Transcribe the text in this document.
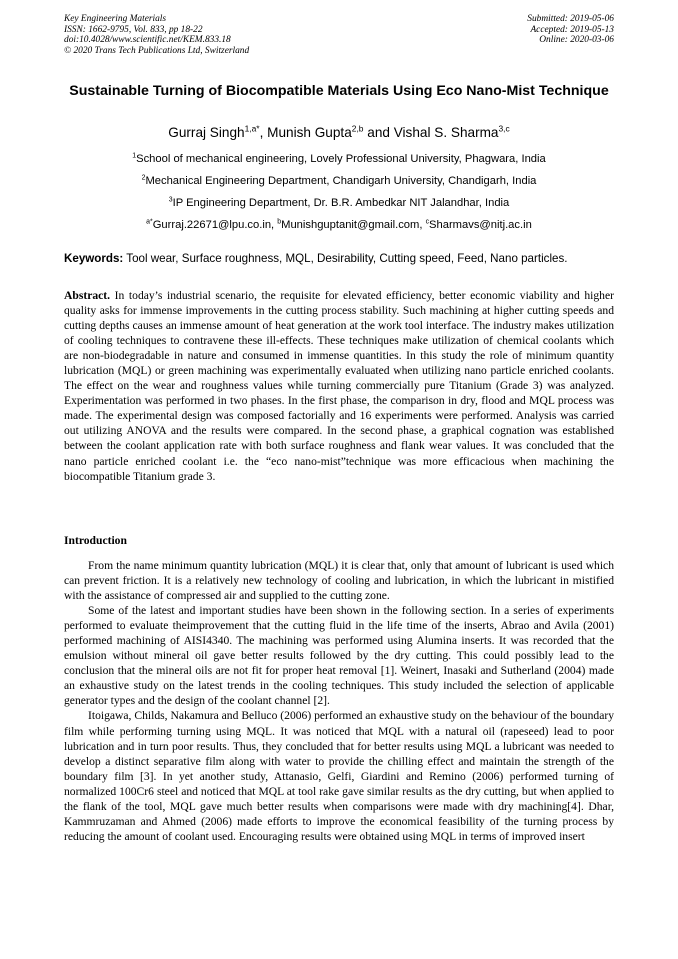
Key Engineering Materials
ISSN: 1662-9795, Vol. 833, pp 18-22
doi:10.4028/www.scientific.net/KEM.833.18
© 2020 Trans Tech Publications Ltd, Switzerland
Submitted: 2019-05-06
Accepted: 2019-05-13
Online: 2020-03-06
Sustainable Turning of Biocompatible Materials Using Eco Nano-Mist Technique
Gurraj Singh$^{1,a*}$, Munish Gupta$^{2,b}$ and Vishal S. Sharma$^{3,c}$
$^1$School of mechanical engineering, Lovely Professional University, Phagwara, India
$^2$Mechanical Engineering Department, Chandigarh University, Chandigarh, India
$^3$IP Engineering Department, Dr. B.R. Ambedkar NIT Jalandhar, India
$^{a*}$Gurraj.22671@lpu.co.in, $^b$Munishguptanit@gmail.com, $^c$Sharmavs@nitj.ac.in
Keywords: Tool wear, Surface roughness, MQL, Desirability, Cutting speed, Feed, Nano particles.
Abstract. In today’s industrial scenario, the requisite for elevated efficiency, better economic viability and higher quality asks for immense improvements in the cutting process stability. Such machining at higher cutting speeds and cutting depths causes an immense amount of heat generation at the work tool interface. The industry makes utilization of cooling techniques to contravene these ill-effects. These techniques make utilization of chemical coolants which are non-biodegradable in nature and consumed in immense quantities. In this study the role of minimum quantity lubrication (MQL) or green machining was experimentally evaluated when utilizing nano particle enriched coolants. The effect on the wear and roughness values while turning commercially pure Titanium (Grade 3) was analyzed. Experimentation was performed in two phases. In the first phase, the comparison in dry, flood and MQL process was made. The experimental design was composed factorially and 16 experiments were performed. Analysis was carried out utilizing ANOVA and the results were compared. In the second phase, a graphical cognation was established between the coolant application rate with both surface roughness and flank wear values. It was concluded that the nano particle enriched coolant i.e. the “eco nano-mist”technique was more efficacious when machining the biocompatible Titanium grade 3.
Introduction

From the name minimum quantity lubrication (MQL) it is clear that, only that amount of lubricant is used which can prevent friction. It is a relatively new technology of cooling and lubrication, in which the lubricant in mistified with the assistance of compressed air and supplied to the cutting zone.

Some of the latest and important studies have been shown in the following section. In a series of experiments performed to evaluate theimprovement that the cutting fluid in the life time of the inserts, Abrao and Avila (2001) performed machining of AISI4340. The machining was performed using Alumina inserts. It was recorded that the emulsion without mineral oil gave better results followed by the dry cutting. This could possibly lead to the conclusion that the mineral oils are not fit for proper heat removal [1]. Weinert, Inasaki and Sutherland (2004) made an exhaustive study on the latest trends in the cooling techniques. This study included the selection of applicable generator types and the design of the coolant channel [2].

Itoigawa, Childs, Nakamura and Belluco (2006) performed an exhaustive study on the behaviour of the boundary film while performing turning using MQL. It was noticed that MQL with a natural oil (rapeseed) lead to poor lubrication and in turn poor results. Thus, they concluded that for better results using MQL a lubricant was needed to develop a distinct separative film along with water to provide the chilling effect and maintain the strength of the boundary film [3]. In yet another study, Attanasio, Gelfi, Giardini and Remino (2006) performed turning of normalized 100Cr6 steel and noticed that MQL at tool rake gave similar results as the dry cutting, but when applied to the flank of the tool, MQL gave much better results when comparisons were made with dry machining[4]. Dhar, Kammruzaman and Ahmed (2006) made efforts to improve the economical feasibility of the turning process by reducing the amount of coolant used. Encouraging results were obtained using MQL in terms of improved insert
